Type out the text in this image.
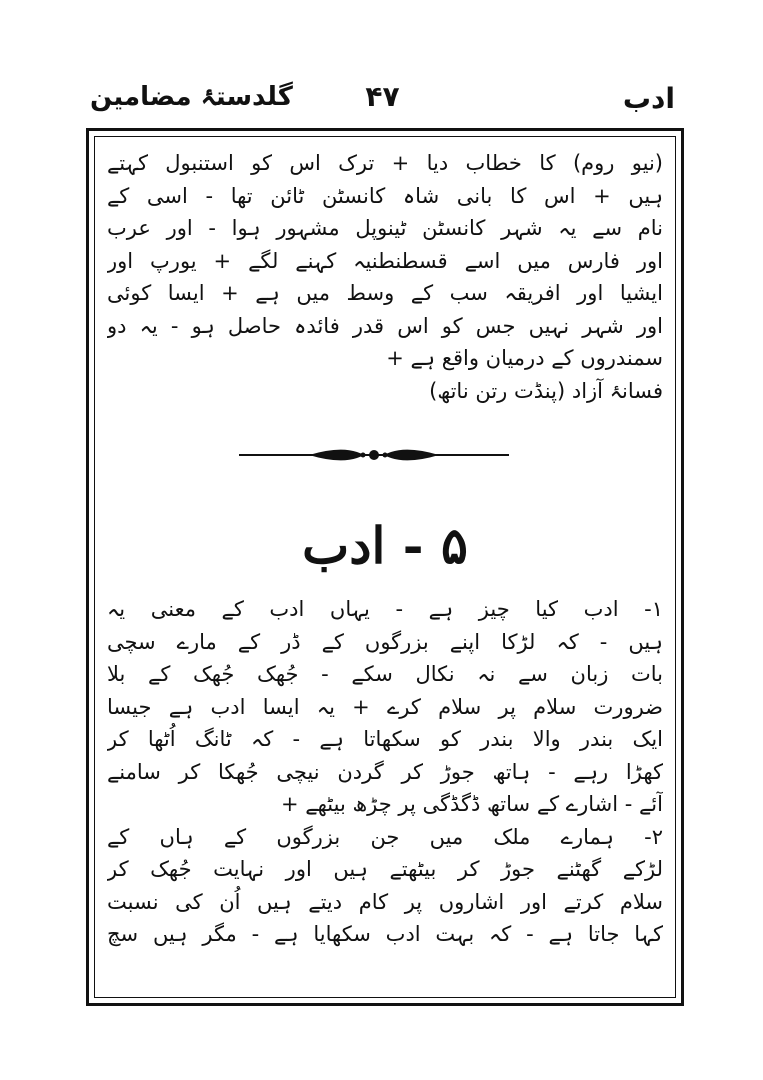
ادب
۴۷
گلدستۂ مضامین
(نیو روم) کا خطاب دیا + ترک اس کو استنبول کہتے
ہیں + اس کا بانی شاہ کانسٹن ٹائن تھا - اسی کے
نام سے یہ شہر کانسٹن ٹینوپل مشہور ہوا - اور عرب
اور فارس میں اسے قسطنطنیہ کہنے لگے + یورپ اور
ایشیا اور افریقہ سب کے وسط میں ہے + ایسا کوئی
اور شہر نہیں جس کو اس قدر فائدہ حاصل ہو - یہ دو
سمندروں کے درمیان واقع ہے +
فسانۂ آزاد (پنڈت رتن ناتھ)
۵ - ادب
۱- ادب کیا چیز ہے - یہاں ادب کے معنی یہ
ہیں - کہ لڑکا اپنے بزرگوں کے ڈر کے مارے سچی
بات زبان سے نہ نکال سکے - جُھک جُھک کے بلا
ضرورت سلام پر سلام کرے + یہ ایسا ادب ہے جیسا
ایک بندر والا بندر کو سکھاتا ہے - کہ ٹانگ اُٹھا کر
کھڑا رہے - ہاتھ جوڑ کر گردن نیچی جُھکا کر سامنے
آئے - اشارے کے ساتھ ڈگڈگی پر چڑھ بیٹھے +
۲- ہمارے ملک میں جن بزرگوں کے ہاں کے
لڑکے گھٹنے جوڑ کر بیٹھتے ہیں اور نہایت جُھک کر
سلام کرتے اور اشاروں پر کام دیتے ہیں اُن کی نسبت
کہا جاتا ہے - کہ بہت ادب سکھایا ہے - مگر ہیں سچ
